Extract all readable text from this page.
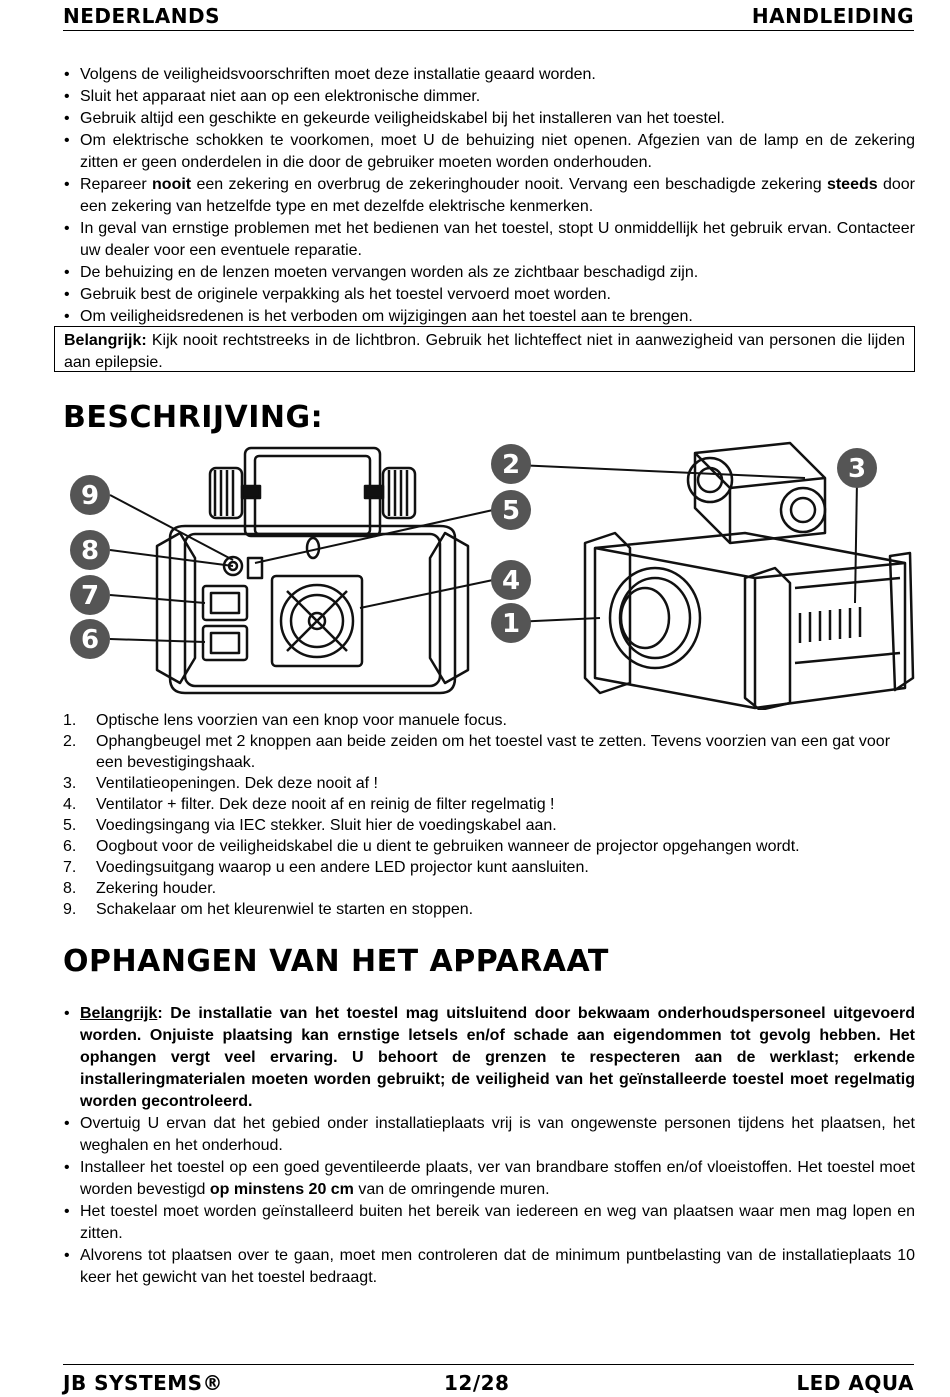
NEDERLANDS	HANDLEIDING
• Volgens de veiligheidsvoorschriften moet deze installatie geaard worden.
• Sluit het apparaat niet aan op een elektronische dimmer.
• Gebruik altijd een geschikte en gekeurde veiligheidskabel bij het installeren van het toestel.
• Om elektrische schokken te voorkomen, moet U de behuizing niet openen. Afgezien van de lamp en de zekering zitten er geen onderdelen in die door de gebruiker moeten worden onderhouden.
• Repareer nooit een zekering en overbrug de zekeringhouder nooit. Vervang een beschadigde zekering steeds door een zekering van hetzelfde type en met dezelfde elektrische kenmerken.
• In geval van ernstige problemen met het bedienen van het toestel, stopt U onmiddellijk het gebruik ervan. Contacteer uw dealer voor een eventuele reparatie.
• De behuizing en de lenzen moeten vervangen worden als ze zichtbaar beschadigd zijn.
• Gebruik best de originele verpakking als het toestel vervoerd moet worden.
• Om veiligheidsredenen is het verboden om wijzigingen aan het toestel aan te brengen.
Belangrijk: Kijk nooit rechtstreeks in de lichtbron. Gebruik het lichteffect niet in aanwezigheid van personen die lijden aan epilepsie.
BESCHRIJVING:
9
8
7
6
2
5
4
1
3
1. Optische lens voorzien van een knop voor manuele focus.
2. Ophangbeugel met 2 knoppen aan beide zeiden om het toestel vast te zetten. Tevens voorzien van een gat voor een bevestigingshaak.
3. Ventilatieopeningen. Dek deze nooit af !
4. Ventilator + filter. Dek deze nooit af en reinig de filter regelmatig !
5. Voedingsingang via IEC stekker. Sluit hier de voedingskabel aan.
6. Oogbout voor de veiligheidskabel die u dient te gebruiken wanneer de projector opgehangen wordt.
7. Voedingsuitgang waarop u een andere LED projector kunt aansluiten.
8. Zekering houder.
9. Schakelaar om het kleurenwiel te starten en stoppen.
OPHANGEN VAN HET APPARAAT
• Belangrijk: De installatie van het toestel mag uitsluitend door bekwaam onderhoudspersoneel uitgevoerd worden. Onjuiste plaatsing kan ernstige letsels en/of schade aan eigendommen tot gevolg hebben. Het ophangen vergt veel ervaring. U behoort de grenzen te respecteren aan de werklast; erkende installeringmaterialen moeten worden gebruikt; de veiligheid van het geïnstalleerde toestel moet regelmatig worden gecontroleerd.
• Overtuig U ervan dat het gebied onder installatieplaats vrij is van ongewenste personen tijdens het plaatsen, het weghalen en het onderhoud.
• Installeer het toestel op een goed geventileerde plaats, ver van brandbare stoffen en/of vloeistoffen. Het toestel moet worden bevestigd op minstens 20 cm van de omringende muren.
• Het toestel moet worden geïnstalleerd buiten het bereik van iedereen en weg van plaatsen waar men mag lopen en zitten.
• Alvorens tot plaatsen over te gaan, moet men controleren dat de minimum puntbelasting van de installatieplaats 10 keer het gewicht van het toestel bedraagt.
JB SYSTEMS®	12/28	LED AQUA
